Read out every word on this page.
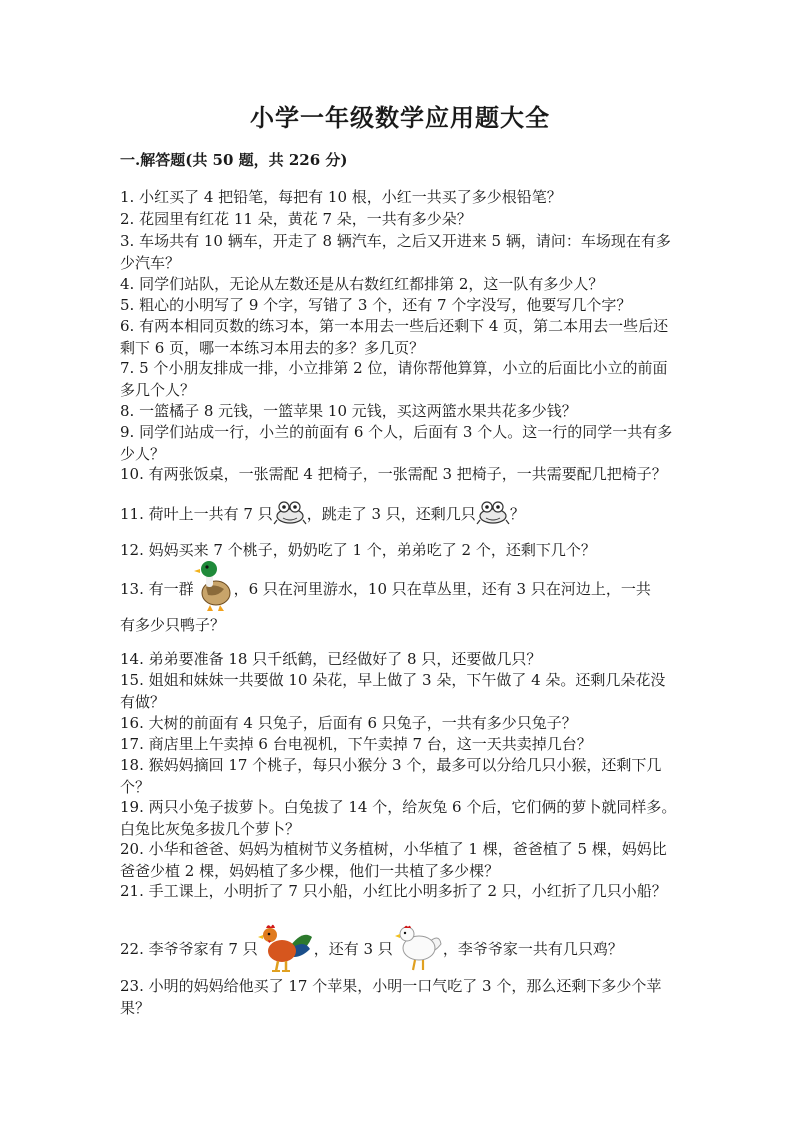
小学一年级数学应用题大全
一.解答题(共 50 题，共 226 分)
1. 小红买了 4 把铅笔，每把有 10 根，小红一共买了多少根铅笔？
2. 花园里有红花 11 朵，黄花 7 朵，一共有多少朵？
3. 车场共有 10 辆车，开走了 8 辆汽车，之后又开进来 5 辆，请问：车场现在有多少汽车？
4. 同学们站队，无论从左数还是从右数红红都排第 2，这一队有多少人？
5. 粗心的小明写了 9 个字，写错了 3 个，还有 7 个字没写，他要写几个字？
6. 有两本相同页数的练习本，第一本用去一些后还剩下 4 页，第二本用去一些后还剩下 6 页，哪一本练习本用去的多？多几页？
7. 5 个小朋友排成一排，小立排第 2 位，请你帮他算算，小立的后面比小立的前面多几个人？
8. 一篮橘子 8 元钱，一篮苹果 10 元钱，买这两篮水果共花多少钱？
9. 同学们站成一行，小兰的前面有 6 个人，后面有 3 个人。这一行的同学一共有多少人？
10. 有两张饭桌，一张需配 4 把椅子，一张需配 3 把椅子，一共需要配几把椅子？
11. 荷叶上一共有 7 只 ，跳走了 3 只，还剩几只 ？
12. 妈妈买来 7 个桃子，奶奶吃了 1 个，弟弟吃了 2 个，还剩下几个？
13. 有一群	，6 只在河里游水，10 只在草丛里，还有 3 只在河边上，一共
有多少只鸭子？
14. 弟弟要准备 18 只千纸鹤，已经做好了 8 只，还要做几只？
15. 姐姐和妹妹一共要做 10 朵花，早上做了 3 朵，下午做了 4 朵。还剩几朵花没有做？
16. 大树的前面有 4 只兔子，后面有 6 只兔子，一共有多少只兔子？
17. 商店里上午卖掉 6 台电视机，下午卖掉 7 台，这一天共卖掉几台？
18. 猴妈妈摘回 17 个桃子，每只小猴分 3 个，最多可以分给几只小猴，还剩下几个？
19. 两只小兔子拔萝卜。白兔拔了 14 个，给灰兔 6 个后，它们俩的萝卜就同样多。白兔比灰兔多拔几个萝卜？
20. 小华和爸爸、妈妈为植树节义务植树，小华植了 1 棵，爸爸植了 5 棵，妈妈比爸爸少植 2 棵，妈妈植了多少棵，他们一共植了多少棵？
21. 手工课上，小明折了 7 只小船，小红比小明多折了 2 只，小红折了几只小船？
22. 李爷爷家有 7 只	，还有 3 只	，李爷爷家一共有几只鸡？
23. 小明的妈妈给他买了 17 个苹果，小明一口气吃了 3 个，那么还剩下多少个苹果？
